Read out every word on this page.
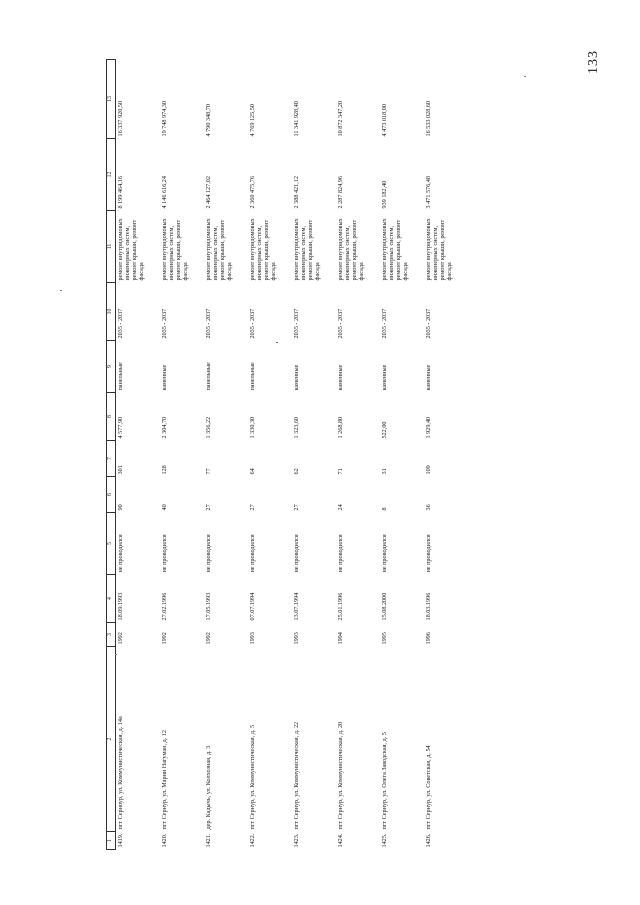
133
1	2	3	4	5	6	7	8	9	10	11	12	13
1419.	пгт Серноур, ул. Коммунистическая, д. 14а	1992	18.09.1993	не проводился	90	301	4 577,90	панельные	2035 - 2037	ремонт внутридомовых инженерных систем, ремонт крыши, ремонт фасада	8 199 464,16	16 337 920,50
1420.	пгт Сернур, ул. Марии Нагуман, д. 12	1992	27.02.1996	не проводился	40	128	2 304,70	каменные	2035 - 2037	ремонт внутридомовых инженерных систем, ремонт крыши, ремонт фасада	4 146 616,24	19 748 974,30
1421.	дер. Кадычь, ул. Колхозная, д. 3	1992	17.05.1993	не проводился	27	77	1 356,22	панельные	2035 - 2037	ремонт внутридомовых инженерных систем, ремонт крыши, ремонт фасада	2 464 127,02	4 790 348,70
1422.	пгт Сернур, ул. Коммунистическая, д. 5	1993	07.07.1994	не проводился	27	64	1 330,30	панельные	2035 - 2037	ремонт внутридомовых инженерных систем, ремонт крыши, ремонт фасада	2 360 475,76	4 769 125,50
1423.	пгт Сернур, ул. Коммунистическая, д. 22	1993	13.07.1994	не проводился	27	62	1 323,60	каменные	2035 - 2037	ремонт внутридомовых инженерных систем, ремонт крыши, ремонт фасада	2 388 421,12	11 341 928,40
1424.	пгт Сернур, ул. Коммунистическая, д. 20	1994	25.01.1996	не проводился	24	71	1 268,80	каменные	2035 - 2037	ремонт внутридомовых инженерных систем, ремонт крыши, ремонт фасада	2 287 824,96	10 872 347,20
1425.	пгт Сернур, ул. Олега Заводская, д. 5	1995	15.08.2000	не проводился	8	31	522,00	каменные	2035 - 2037	ремонт внутридомовых инженерных систем, ремонт крыши, ремонт фасада	939 182,40	4 473 018,00
1426.	пгт Сернур, ул. Советская, д. 54	1996	18.03.1996	не проводился	36	109	1 929,40	каменные	2035 - 2037	ремонт внутридомовых инженерных систем, ремонт крыши, ремонт фасада	3 471 576,48	16 533 028,60
